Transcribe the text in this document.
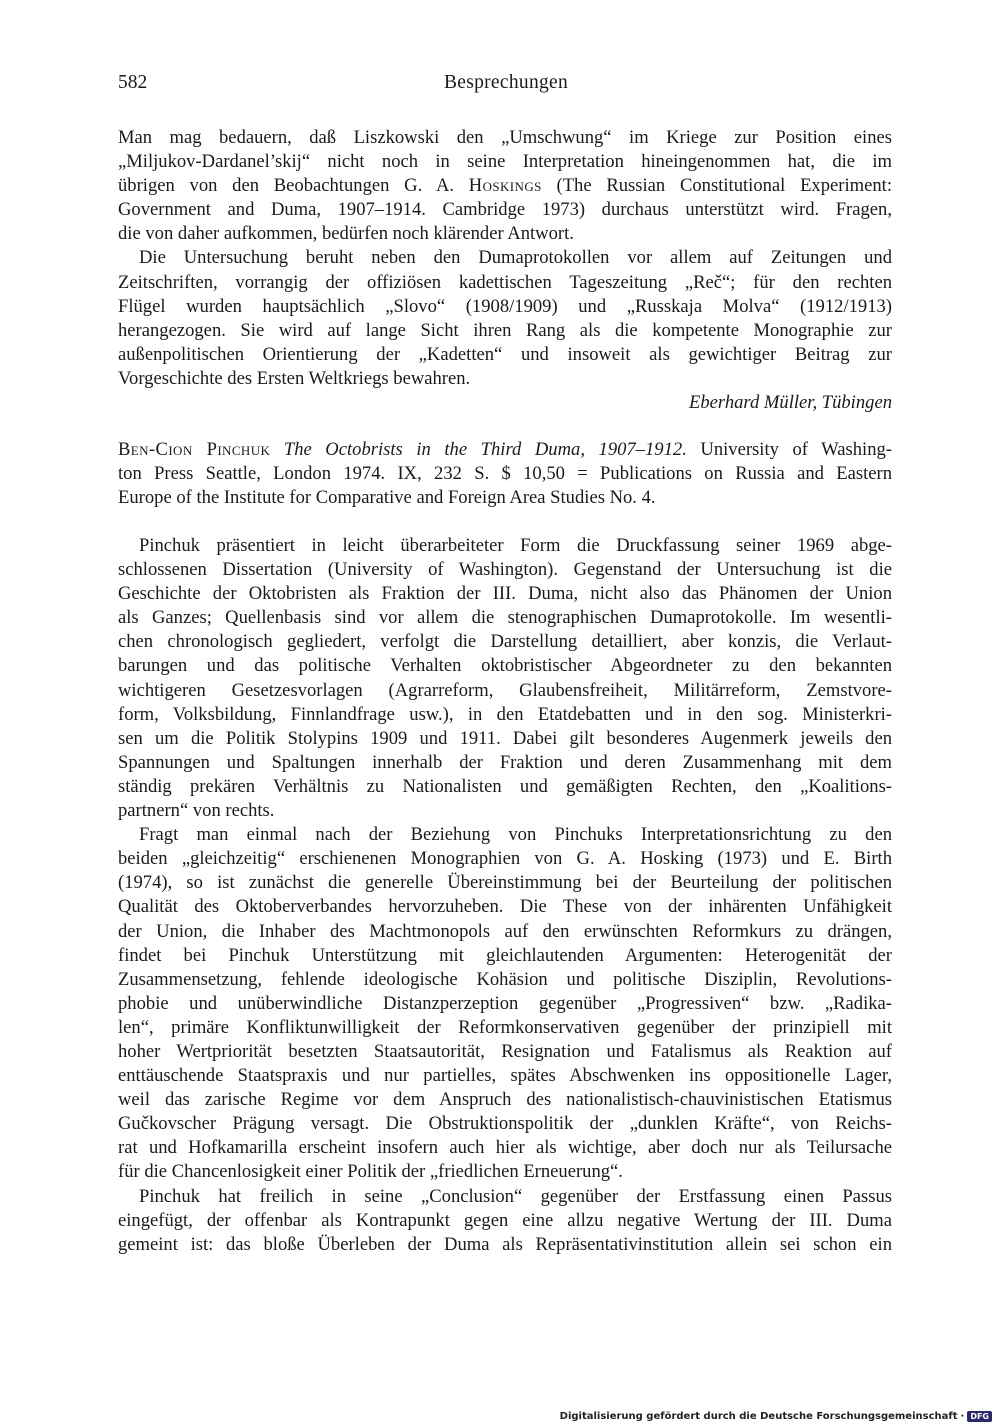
582	Besprechungen

Man mag bedauern, daß Liszkowski den „Umschwung“ im Kriege zur Position eines
„Miljukov-Dardanel’skij“ nicht noch in seine Interpretation hineingenommen hat, die im
übrigen von den Beobachtungen G. A. Hoskings (The Russian Constitutional Experiment:
Government and Duma, 1907–1914. Cambridge 1973) durchaus unterstützt wird. Fragen,
die von daher aufkommen, bedürfen noch klärender Antwort.

Die Untersuchung beruht neben den Dumaprotokollen vor allem auf Zeitungen und
Zeitschriften, vorrangig der offiziösen kadettischen Tageszeitung „Reč“; für den rechten
Flügel wurden hauptsächlich „Slovo“ (1908/1909) und „Russkaja Molva“ (1912/1913)
herangezogen. Sie wird auf lange Sicht ihren Rang als die kompetente Monographie zur
außenpolitischen Orientierung der „Kadetten“ und insoweit als gewichtiger Beitrag zur
Vorgeschichte des Ersten Weltkriegs bewahren.

Eberhard Müller, Tübingen
Ben-Cion Pinchuk The Octobrists in the Third Duma, 1907–1912. University of Washing-
ton Press Seattle, London 1974. IX, 232 S. $ 10,50 = Publications on Russia and Eastern
Europe of the Institute for Comparative and Foreign Area Studies No. 4.

Pinchuk präsentiert in leicht überarbeiteter Form die Druckfassung seiner 1969 abge-
schlossenen Dissertation (University of Washington). Gegenstand der Untersuchung ist die
Geschichte der Oktobristen als Fraktion der III. Duma, nicht also das Phänomen der Union
als Ganzes; Quellenbasis sind vor allem die stenographischen Dumaprotokolle. Im wesentli-
chen chronologisch gegliedert, verfolgt die Darstellung detailliert, aber konzis, die Verlaut-
barungen und das politische Verhalten oktobristischer Abgeordneter zu den bekannten
wichtigeren Gesetzesvorlagen (Agrarreform, Glaubensfreiheit, Militärreform, Zemstvore-
form, Volksbildung, Finnlandfrage usw.), in den Etatdebatten und in den sog. Ministerkri-
sen um die Politik Stolypins 1909 und 1911. Dabei gilt besonderes Augenmerk jeweils den
Spannungen und Spaltungen innerhalb der Fraktion und deren Zusammenhang mit dem
ständig prekären Verhältnis zu Nationalisten und gemäßigten Rechten, den „Koalitions-
partnern“ von rechts.

Fragt man einmal nach der Beziehung von Pinchuks Interpretationsrichtung zu den
beiden „gleichzeitig“ erschienenen Monographien von G. A. Hosking (1973) und E. Birth
(1974), so ist zunächst die generelle Übereinstimmung bei der Beurteilung der politischen
Qualität des Oktoberverbandes hervorzuheben. Die These von der inhärenten Unfähigkeit
der Union, die Inhaber des Machtmonopols auf den erwünschten Reformkurs zu drängen,
findet bei Pinchuk Unterstützung mit gleichlautenden Argumenten: Heterogenität der
Zusammensetzung, fehlende ideologische Kohäsion und politische Disziplin, Revolutions-
phobie und unüberwindliche Distanzperzeption gegenüber „Progressiven“ bzw. „Radika-
len“, primäre Konfliktunwilligkeit der Reformkonservativen gegenüber der prinzipiell mit
hoher Wertpriorität besetzten Staatsautorität, Resignation und Fatalismus als Reaktion auf
enttäuschende Staatspraxis und nur partielles, spätes Abschwenken ins oppositionelle Lager,
weil das zarische Regime vor dem Anspruch des nationalistisch-chauvinistischen Etatismus
Gučkovscher Prägung versagt. Die Obstruktionspolitik der „dunklen Kräfte“, von Reichs-
rat und Hofkamarilla erscheint insofern auch hier als wichtige, aber doch nur als Teilursache
für die Chancenlosigkeit einer Politik der „friedlichen Erneuerung“.

Pinchuk hat freilich in seine „Conclusion“ gegenüber der Erstfassung einen Passus
eingefügt, der offenbar als Kontrapunkt gegen eine allzu negative Wertung der III. Duma
gemeint ist: das bloße Überleben der Duma als Repräsentativinstitution allein sei schon ein

Digitalisierung gefördert durch die Deutsche Forschungsgemeinschaft · DFG
